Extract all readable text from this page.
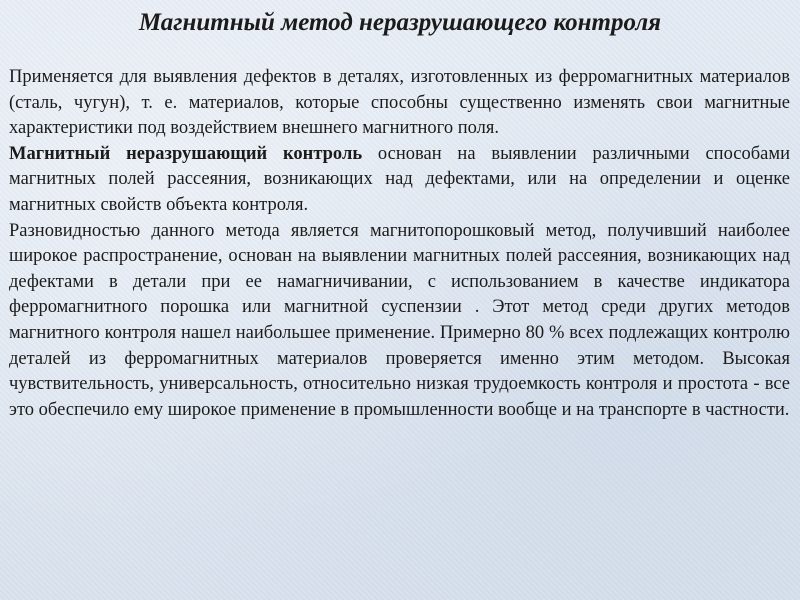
Магнитный метод неразрушающего контроля

Применяется для выявления дефектов в деталях, изготовленных из ферромагнитных материалов (сталь, чугун), т. е. материалов, которые способны существенно изменять свои магнитные характеристики под воздействием внешнего магнитного поля.

Магнитный неразрушающий контроль основан на выявлении различными способами магнитных полей рассеяния, возникающих над дефектами, или на определении и оценке магнитных свойств объекта контроля.

Разновидностью данного метода является магнитопорошковый метод, получивший наиболее широкое распространение, основан на выявлении магнитных полей рассеяния, возникающих над дефектами в детали при ее намагничивании, с использованием в качестве индикатора ферромагнитного порошка или магнитной суспензии . Этот метод среди других методов магнитного контроля нашел наибольшее применение. Примерно 80 % всех подлежащих контролю деталей из ферромагнитных материалов проверяется именно этим методом. Высокая чувствительность, универсальность, относительно низкая трудоемкость контроля и простота - все это обеспечило ему широкое применение в промышленности вообще и на транспорте в частности.
